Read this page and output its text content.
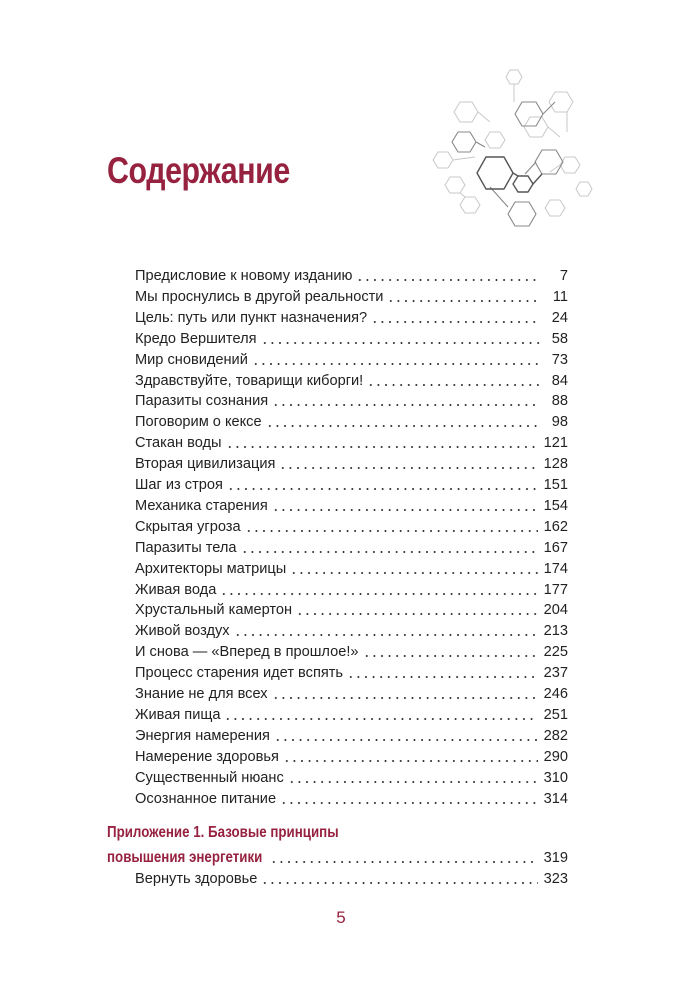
Содержание
Предисловие к новому изданию	7
Мы проснулись в другой реальности	11
Цель: путь или пункт назначения?	24
Кредо Вершителя	58
Мир сновидений	73
Здравствуйте, товарищи киборги!	84
Паразиты сознания	88
Поговорим о кексе	98
Стакан воды	121
Вторая цивилизация	128
Шаг из строя	151
Механика старения	154
Скрытая угроза	162
Паразиты тела	167
Архитекторы матрицы	174
Живая вода	177
Хрустальный камертон	204
Живой воздух	213
И снова — «Вперед в прошлое!»	225
Процесс старения идет вспять	237
Знание не для всех	246
Живая пища	251
Энергия намерения	282
Намерение здоровья	290
Существенный нюанс	310
Осознанное питание	314
Приложение 1. Базовые принципы
повышения энергетики	319
Вернуть здоровье	323
5
